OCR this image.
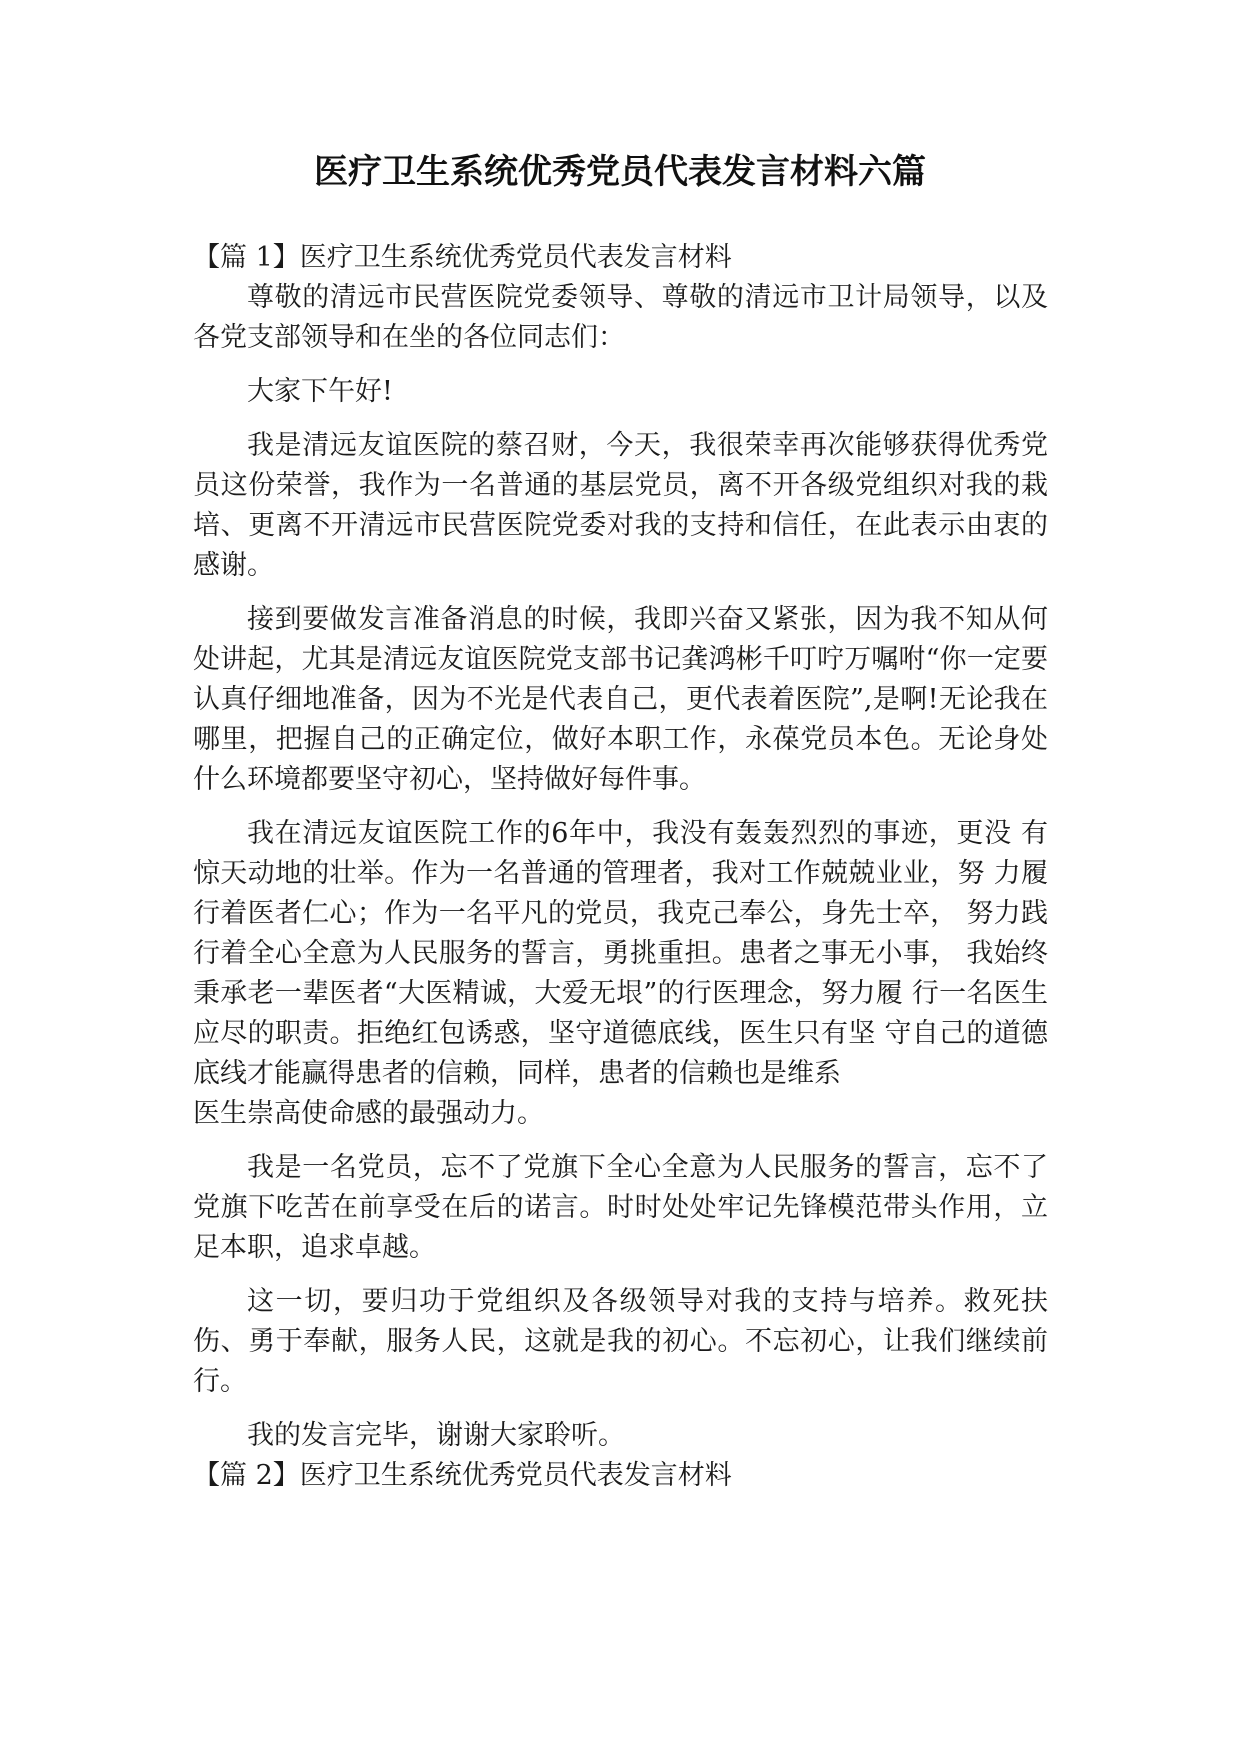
医疗卫生系统优秀党员代表发言材料六篇

【篇 1】医疗卫生系统优秀党员代表发言材料

尊敬的清远市民营医院党委领导、尊敬的清远市卫计局领导，以及各党支部领导和在坐的各位同志们：

大家下午好!

我是清远友谊医院的蔡召财，今天，我很荣幸再次能够获得优秀党员这份荣誉，我作为一名普通的基层党员，离不开各级党组织对我的栽培、更离不开清远市民营医院党委对我的支持和信任，在此表示由衷的感谢。

接到要做发言准备消息的时候，我即兴奋又紧张，因为我不知从何处讲起，尤其是清远友谊医院党支部书记龚鸿彬千叮咛万嘱咐“你一定要认真仔细地准备，因为不光是代表自己，更代表着医院”,是啊!无论我在哪里，把握自己的正确定位，做好本职工作，永葆党员本色。无论身处什么环境都要坚守初心，坚持做好每件事。

我在清远友谊医院工作的6年中，我没有轰轰烈烈的事迹，更没 有惊天动地的壮举。作为一名普通的管理者，我对工作兢兢业业，努 力履行着医者仁心；作为一名平凡的党员，我克己奉公，身先士卒， 努力践行着全心全意为人民服务的誓言，勇挑重担。患者之事无小事， 我始终秉承老一辈医者“大医精诚，大爱无垠”的行医理念，努力履 行一名医生应尽的职责。拒绝红包诱惑，坚守道德底线，医生只有坚 守自己的道德底线才能赢得患者的信赖，同样，患者的信赖也是维系

医生崇高使命感的最强动力。

我是一名党员，忘不了党旗下全心全意为人民服务的誓言，忘不了党旗下吃苦在前享受在后的诺言。时时处处牢记先锋模范带头作用，立足本职，追求卓越。

这一切，要归功于党组织及各级领导对我的支持与培养。救死扶伤、勇于奉献，服务人民，这就是我的初心。不忘初心，让我们继续前行。

我的发言完毕，谢谢大家聆听。

【篇 2】医疗卫生系统优秀党员代表发言材料
